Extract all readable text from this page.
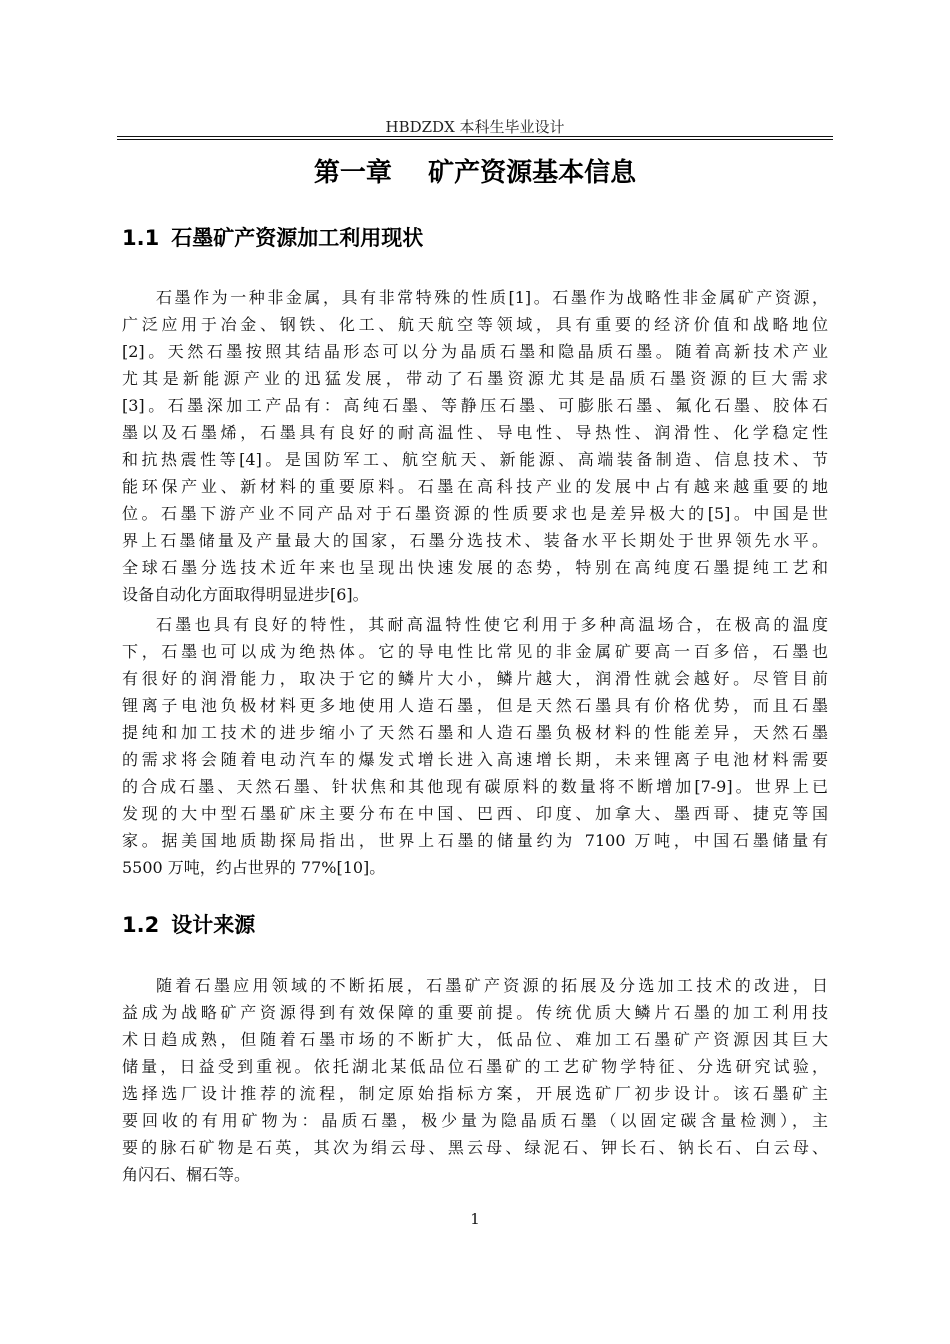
HBDZDX 本科生毕业设计
第一章    矿产资源基本信息
1.1 石墨矿产资源加工利用现状
石墨作为一种非金属，具有非常特殊的性质[1]。石墨作为战略性非金属矿产资源，
广泛应用于冶金、钢铁、化工、航天航空等领域，具有重要的经济价值和战略地位
[2]。天然石墨按照其结晶形态可以分为晶质石墨和隐晶质石墨。随着高新技术产业
尤其是新能源产业的迅猛发展，带动了石墨资源尤其是晶质石墨资源的巨大需求
[3]。石墨深加工产品有：高纯石墨、等静压石墨、可膨胀石墨、氟化石墨、胶体石
墨以及石墨烯，石墨具有良好的耐高温性、导电性、导热性、润滑性、化学稳定性
和抗热震性等[4]。是国防军工、航空航天、新能源、高端装备制造、信息技术、节
能环保产业、新材料的重要原料。石墨在高科技产业的发展中占有越来越重要的地
位。石墨下游产业不同产品对于石墨资源的性质要求也是差异极大的[5]。中国是世
界上石墨储量及产量最大的国家，石墨分选技术、装备水平长期处于世界领先水平。
全球石墨分选技术近年来也呈现出快速发展的态势，特别在高纯度石墨提纯工艺和
设备自动化方面取得明显进步[6]。
石墨也具有良好的特性，其耐高温特性使它利用于多种高温场合，在极高的温度
下，石墨也可以成为绝热体。它的导电性比常见的非金属矿要高一百多倍，石墨也
有很好的润滑能力，取决于它的鳞片大小，鳞片越大，润滑性就会越好。尽管目前
锂离子电池负极材料更多地使用人造石墨，但是天然石墨具有价格优势，而且石墨
提纯和加工技术的进步缩小了天然石墨和人造石墨负极材料的性能差异，天然石墨
的需求将会随着电动汽车的爆发式增长进入高速增长期，未来锂离子电池材料需要
的合成石墨、天然石墨、针状焦和其他现有碳原料的数量将不断增加[7-9]。世界上已
发现的大中型石墨矿床主要分布在中国、巴西、印度、加拿大、墨西哥、捷克等国
家。据美国地质勘探局指出，世界上石墨的储量约为 7100 万吨，中国石墨储量有
5500 万吨，约占世界的 77%[10]。
1.2 设计来源
随着石墨应用领域的不断拓展，石墨矿产资源的拓展及分选加工技术的改进，日
益成为战略矿产资源得到有效保障的重要前提。传统优质大鳞片石墨的加工利用技
术日趋成熟，但随着石墨市场的不断扩大，低品位、难加工石墨矿产资源因其巨大
储量，日益受到重视。依托湖北某低品位石墨矿的工艺矿物学特征、分选研究试验，
选择选厂设计推荐的流程，制定原始指标方案，开展选矿厂初步设计。该石墨矿主
要回收的有用矿物为：晶质石墨，极少量为隐晶质石墨（以固定碳含量检测），主
要的脉石矿物是石英，其次为绢云母、黑云母、绿泥石、钾长石、钠长石、白云母、
角闪石、榍石等。
1
